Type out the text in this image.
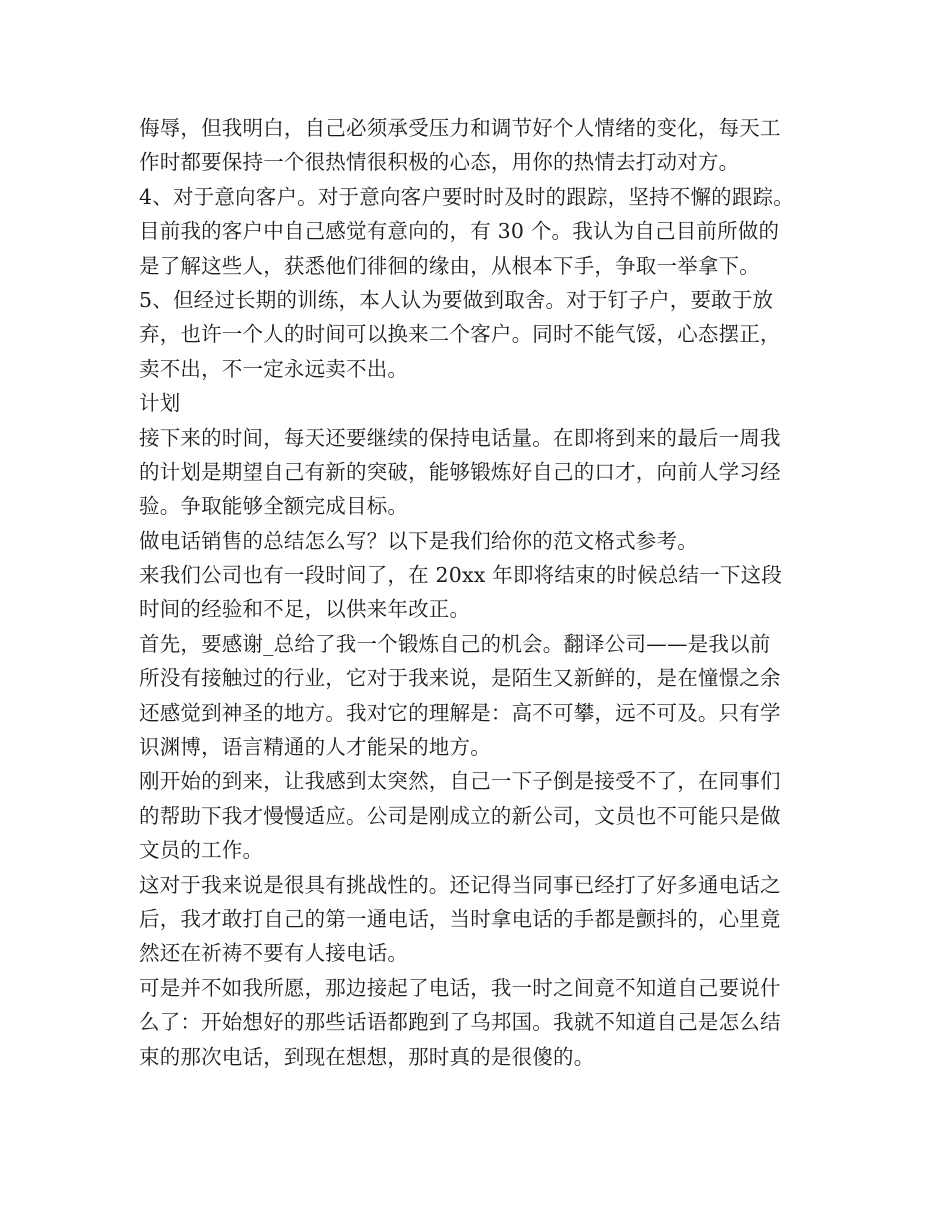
侮辱，但我明白，自己必须承受压力和调节好个人情绪的变化，每天工
作时都要保持一个很热情很积极的心态，用你的热情去打动对方。
4、对于意向客户。对于意向客户要时时及时的跟踪，坚持不懈的跟踪。
目前我的客户中自己感觉有意向的，有 30 个。我认为自己目前所做的
是了解这些人，获悉他们徘徊的缘由，从根本下手，争取一举拿下。
5、但经过长期的训练，本人认为要做到取舍。对于钉子户，要敢于放
弃，也许一个人的时间可以换来二个客户。同时不能气馁，心态摆正，
卖不出，不一定永远卖不出。
计划
接下来的时间，每天还要继续的保持电话量。在即将到来的最后一周我
的计划是期望自己有新的突破，能够锻炼好自己的口才，向前人学习经
验。争取能够全额完成目标。
做电话销售的总结怎么写？以下是我们给你的范文格式参考。
来我们公司也有一段时间了，在 20xx 年即将结束的时候总结一下这段
时间的经验和不足，以供来年改正。
首先，要感谢_总给了我一个锻炼自己的机会。翻译公司——是我以前
所没有接触过的行业，它对于我来说，是陌生又新鲜的，是在憧憬之余
还感觉到神圣的地方。我对它的理解是：高不可攀，远不可及。只有学
识渊博，语言精通的人才能呆的地方。
刚开始的到来，让我感到太突然，自己一下子倒是接受不了，在同事们
的帮助下我才慢慢适应。公司是刚成立的新公司，文员也不可能只是做
文员的工作。
这对于我来说是很具有挑战性的。还记得当同事已经打了好多通电话之
后，我才敢打自己的第一通电话，当时拿电话的手都是颤抖的，心里竟
然还在祈祷不要有人接电话。
可是并不如我所愿，那边接起了电话，我一时之间竟不知道自己要说什
么了：开始想好的那些话语都跑到了乌邦国。我就不知道自己是怎么结
束的那次电话，到现在想想，那时真的是很傻的。
